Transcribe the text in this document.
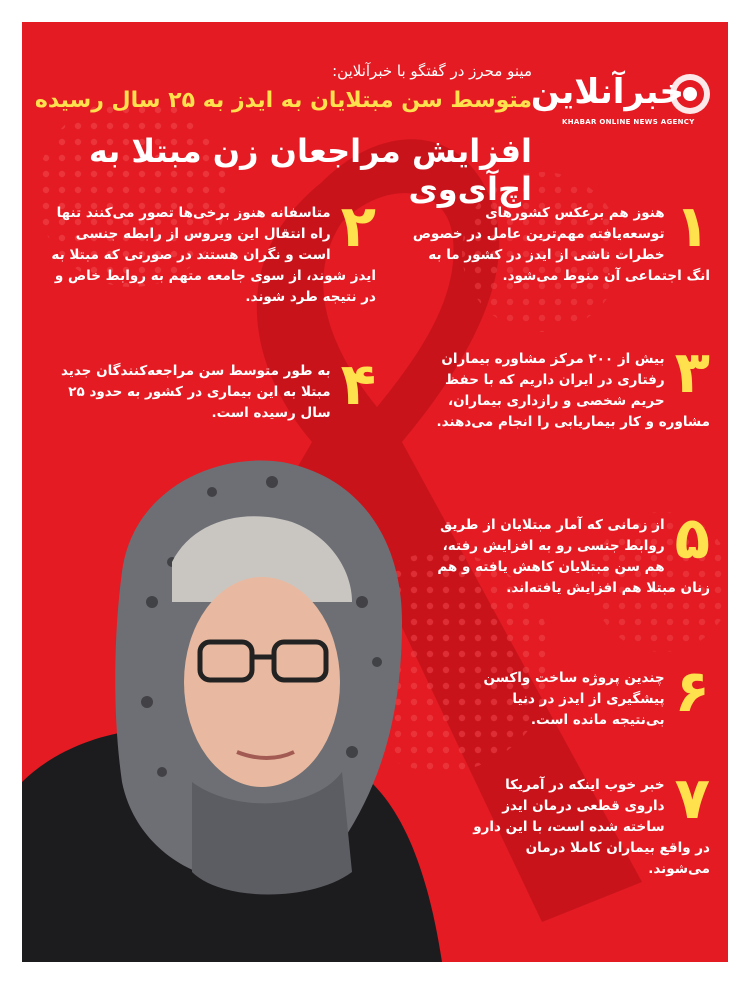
خبرآنلاین
KHABAR ONLINE NEWS AGENCY
مینو محرز در گفتگو با خبرآنلاین:
متوسط سن مبتلایان به ایدز به ۲۵ سال رسیده
افزایش مراجعان زن مبتلا به اچ‌آی‌وی
۱
هنوز هم برعکس کشورهای توسعه‌یافته مهم‌ترین عامل در خصوص خطرات ناشی از ایدز در کشور ما به انگ اجتماعی آن منوط می‌شود.
۲
متاسفانه هنوز برخی‌ها تصور می‌کنند تنها راه انتقال این ویروس از رابطه جنسی است و نگران هستند در صورتی که مبتلا به ایدز شوند، از سوی جامعه متهم به روابط خاص و در نتیجه طرد شوند.
۳
بیش از ۲۰۰ مرکز مشاوره بیماران رفتاری در ایران داریم که با حفظ حریم شخصی و رازداری بیماران، مشاوره و کار بیماریابی را انجام می‌دهند.
۴
به طور متوسط سن مراجعه‌کنندگان جدید مبتلا به این بیماری در کشور به حدود ۲۵ سال رسیده است.
۵
از زمانی که آمار مبتلایان از طریق روابط جنسی رو به افزایش رفته، هم سن مبتلایان کاهش یافته و هم زنان مبتلا هم افزایش یافته‌اند.
۶
چندین پروژه ساخت واکسن پیشگیری از ایدز در دنیا بی‌نتیجه مانده است.
۷
خبر خوب اینکه در آمریکا داروی قطعی درمان ایدز ساخته شده است، با این دارو در واقع بیماران کاملا درمان می‌شوند.
